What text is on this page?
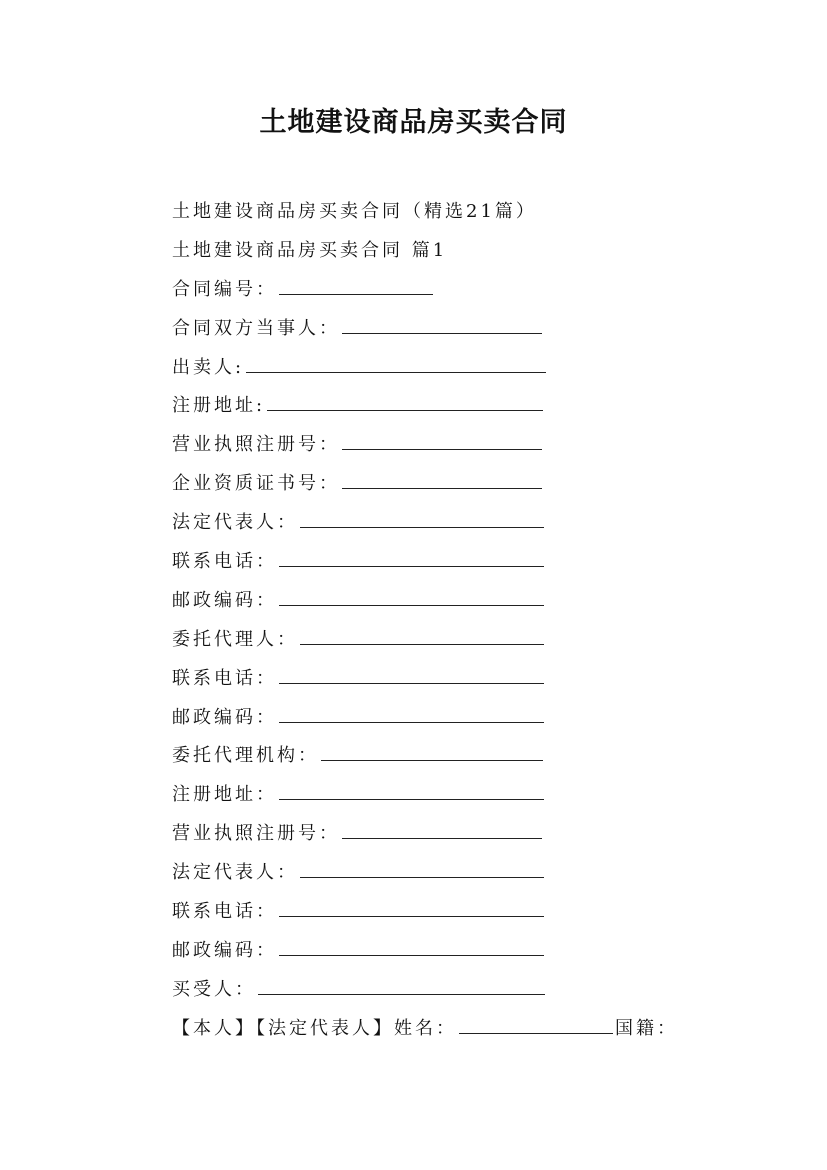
土地建设商品房买卖合同
土地建设商品房买卖合同（精选21篇）
土地建设商品房买卖合同 篇1
合同编号：
合同双方当事人：
出卖人:
注册地址:
营业执照注册号：
企业资质证书号：
法定代表人：
联系电话：
邮政编码：
委托代理人：
联系电话：
邮政编码：
委托代理机构：
注册地址：
营业执照注册号：
法定代表人：
联系电话：
邮政编码：
买受人：
【本人】【法定代表人】姓名：	国籍：
